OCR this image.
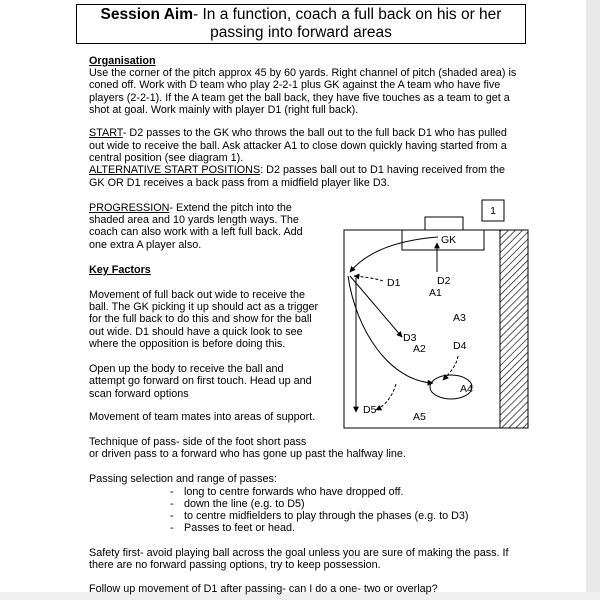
Session Aim- In a function, coach a full back on his or her
passing into forward areas
Organisation
Use the corner of the pitch approx 45 by 60 yards. Right channel of pitch (shaded area) is
coned off. Work with D team who play 2-2-1 plus GK against the A team who have five
players (2-2-1). If the A team get the ball back, they have five touches as a team to get a
shot at goal. Work mainly with player D1 (right full back).
START- D2 passes to the GK who throws the ball out to the full back D1 who has pulled
out wide to receive the ball. Ask attacker A1 to close down quickly having started from a
central position (see diagram 1).
ALTERNATIVE START POSITIONS: D2 passes ball out to D1 having received from the
GK OR D1 receives a back pass from a midfield player like D3.
PROGRESSION- Extend the pitch into the
shaded area and 10 yards length ways. The
coach can also work with a left full back. Add
one extra A player also.
Key Factors
Movement of full back out wide to receive the
ball. The GK picking it up should act as a trigger
for the full back to do this and show for the ball
out wide. D1 should have a quick look to see
where the opposition is before doing this.
Open up the body to receive the ball and
attempt go forward on first touch. Head up and
scan forward options
Movement of team mates into areas of support.
Technique of pass- side of the foot short pass
or driven pass to a forward who has gone up past the halfway line.
Passing selection and range of passes:
- long to centre forwards who have dropped off.
- down the line (e.g. to D5)
- to centre midfielders to play through the phases (e.g. to D3)
- Passes to feet or head.
Safety first- avoid playing ball across the goal unless you are sure of making the pass. If
there are no forward passing options, try to keep possession.
Follow up movement of D1 after passing- can I do a one- two or overlap?
1
GK
D1	D2
A1
A3
D3
A2	D4
A4
D5
A5
